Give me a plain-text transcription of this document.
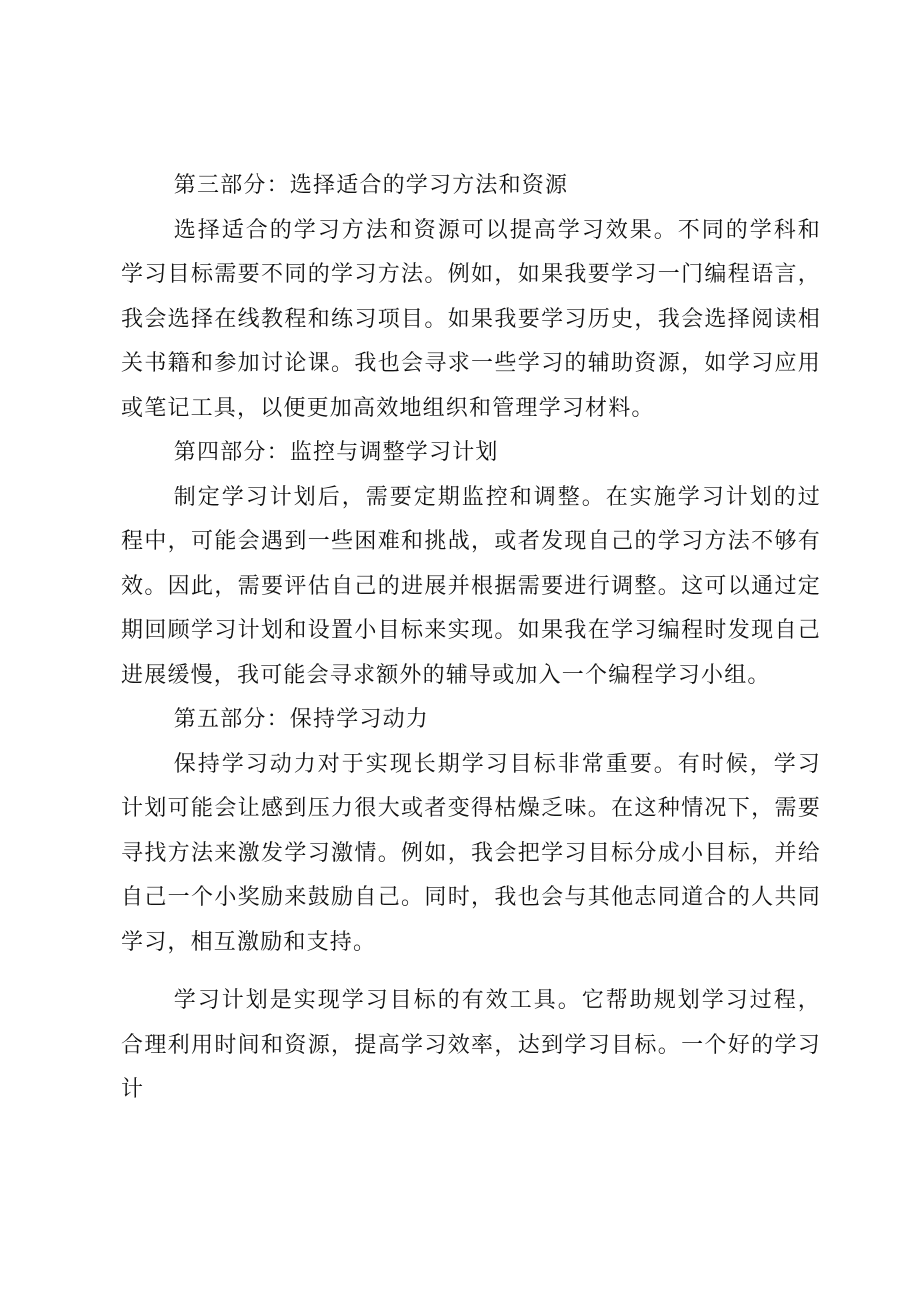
第三部分：选择适合的学习方法和资源

选择适合的学习方法和资源可以提高学习效果。不同的学科和学习目标需要不同的学习方法。例如，如果我要学习一门编程语言，我会选择在线教程和练习项目。如果我要学习历史，我会选择阅读相关书籍和参加讨论课。我也会寻求一些学习的辅助资源，如学习应用或笔记工具，以便更加高效地组织和管理学习材料。

第四部分：监控与调整学习计划

制定学习计划后，需要定期监控和调整。在实施学习计划的过程中，可能会遇到一些困难和挑战，或者发现自己的学习方法不够有效。因此，需要评估自己的进展并根据需要进行调整。这可以通过定期回顾学习计划和设置小目标来实现。如果我在学习编程时发现自己进展缓慢，我可能会寻求额外的辅导或加入一个编程学习小组。

第五部分：保持学习动力

保持学习动力对于实现长期学习目标非常重要。有时候，学习计划可能会让感到压力很大或者变得枯燥乏味。在这种情况下，需要寻找方法来激发学习激情。例如，我会把学习目标分成小目标，并给自己一个小奖励来鼓励自己。同时，我也会与其他志同道合的人共同学习，相互激励和支持。

学习计划是实现学习目标的有效工具。它帮助规划学习过程，合理利用时间和资源，提高学习效率，达到学习目标。一个好的学习计
